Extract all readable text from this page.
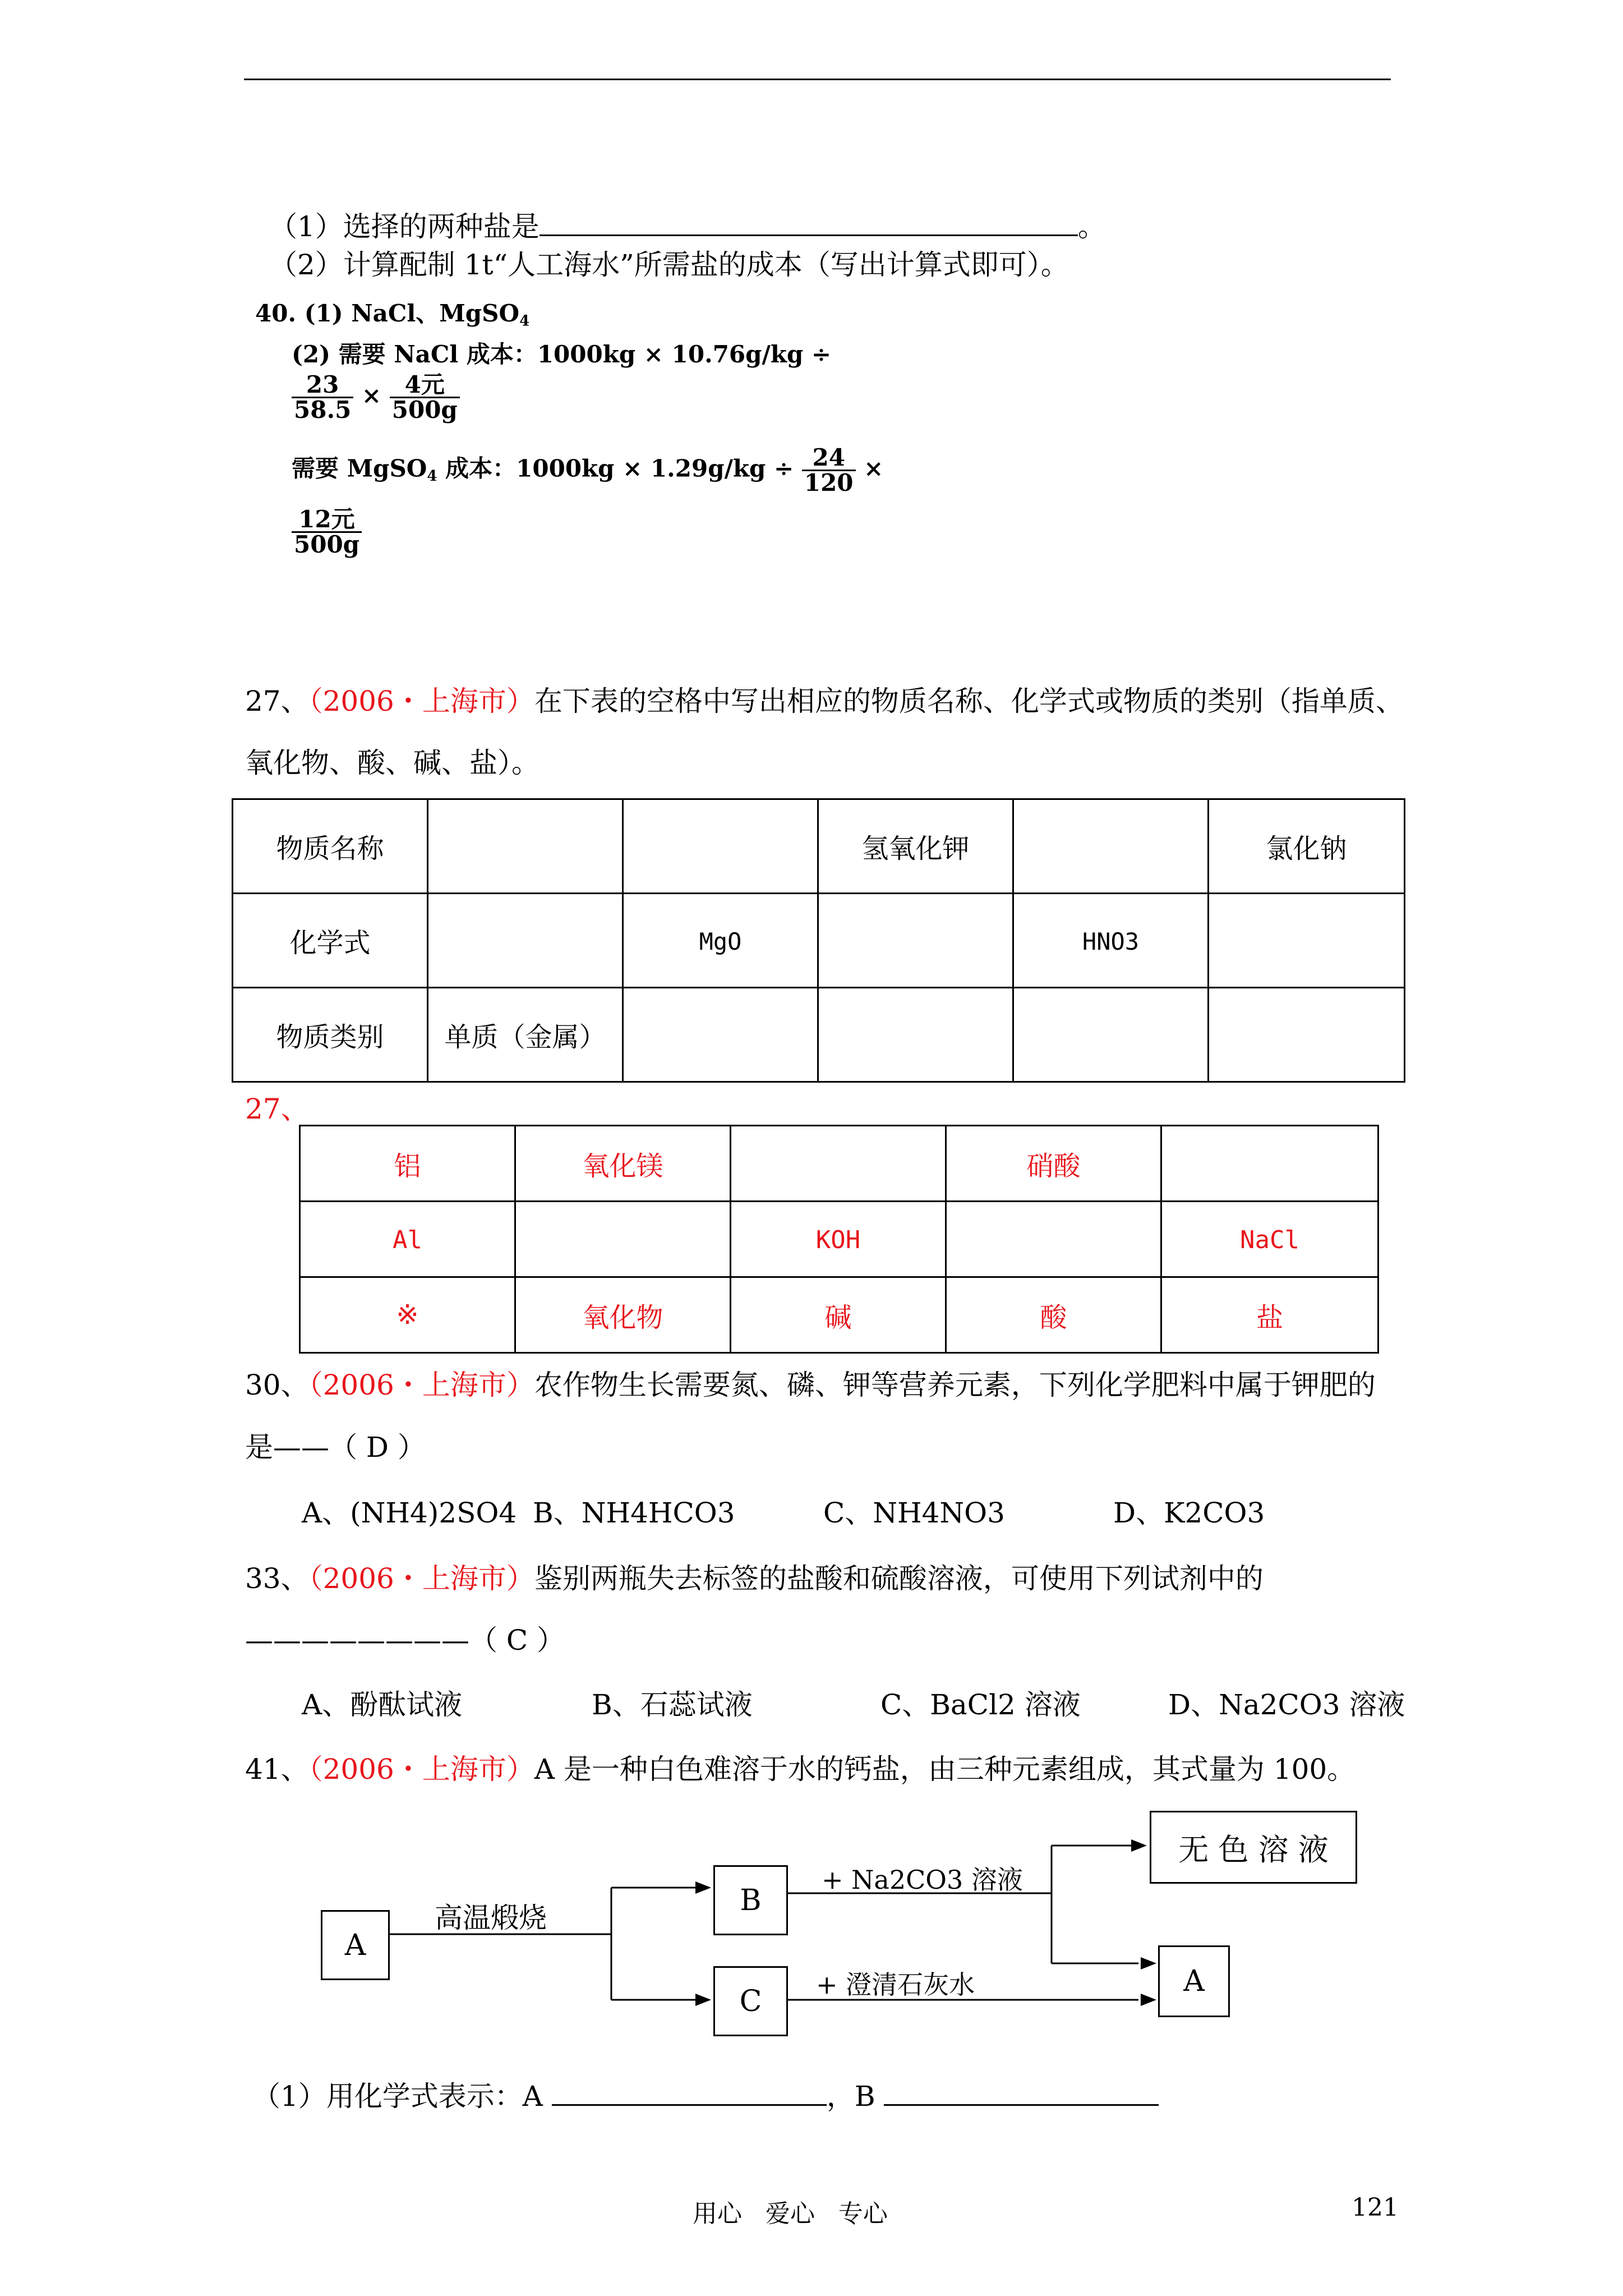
（1）选择的两种盐是	。
（2）计算配制 1t“人工海水”所需盐的成本（写出计算式即可）。
40. (1) NaCl、MgSO$_4$
(2) 需要 NaCl 成本：1000kg × 10.76g/kg ÷
$\frac{23}{58.5} \times \frac{\text{4元}}{500g}$
需要 MgSO$_4$ 成本：$1000kg \times 1.29g/kg \div \frac{24}{120}$ ×
$\frac{\text{12元}}{500g}$
27、（2006・上海市）在下表的空格中写出相应的物质名称、化学式或物质的类别（指单质、
氧化物、酸、碱、盐）。
物质名称			氢氧化钾		氯化钠
化学式		MgO		HNO3	
物质类别	单质（金属）				
27、
铝	氧化镁		硝酸	
Al		KOH		NaCl
※	氧化物	碱	酸	盐
30、（2006・上海市）农作物生长需要氮、磷、钾等营养元素，下列化学肥料中属于钾肥的
是——（ D ）
A、(NH4)2SO4 B、NH4HCO3	C、NH4NO3	D、K2CO3
33、（2006・上海市）鉴别两瓶失去标签的盐酸和硫酸溶液，可使用下列试剂中的
————————（ C ）
A、酚酞试液	B、石蕊试液	C、BaCl2 溶液	D、Na2CO3 溶液
41、（2006・上海市）A 是一种白色难溶于水的钙盐，由三种元素组成，其式量为 100。
A
高温煅烧
B
C
+ Na2CO3 溶液
+ 澄清石灰水
无 色 溶 液
A
（1）用化学式表示：A	，B
用心   爱心   专心	121
